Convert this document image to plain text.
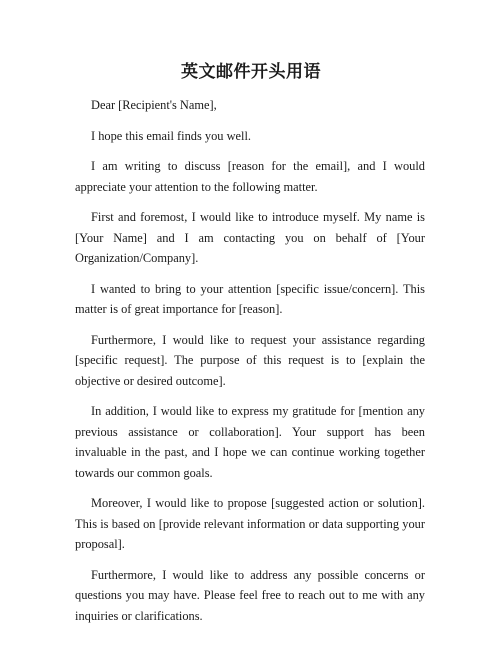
英文邮件开头用语

Dear [Recipient's Name],

I hope this email finds you well.

I am writing to discuss [reason for the email], and I would appreciate your attention to the following matter.

First and foremost, I would like to introduce myself. My name is [Your Name] and I am contacting you on behalf of [Your Organization/Company].

I wanted to bring to your attention [specific issue/concern]. This matter is of great importance for [reason].

Furthermore, I would like to request your assistance regarding [specific request]. The purpose of this request is to [explain the objective or desired outcome].

In addition, I would like to express my gratitude for [mention any previous assistance or collaboration]. Your support has been invaluable in the past, and I hope we can continue working together towards our common goals.

Moreover, I would like to propose [suggested action or solution]. This is based on [provide relevant information or data supporting your proposal].

Furthermore, I would like to address any possible concerns or questions you may have. Please feel free to reach out to me with any inquiries or clarifications.
